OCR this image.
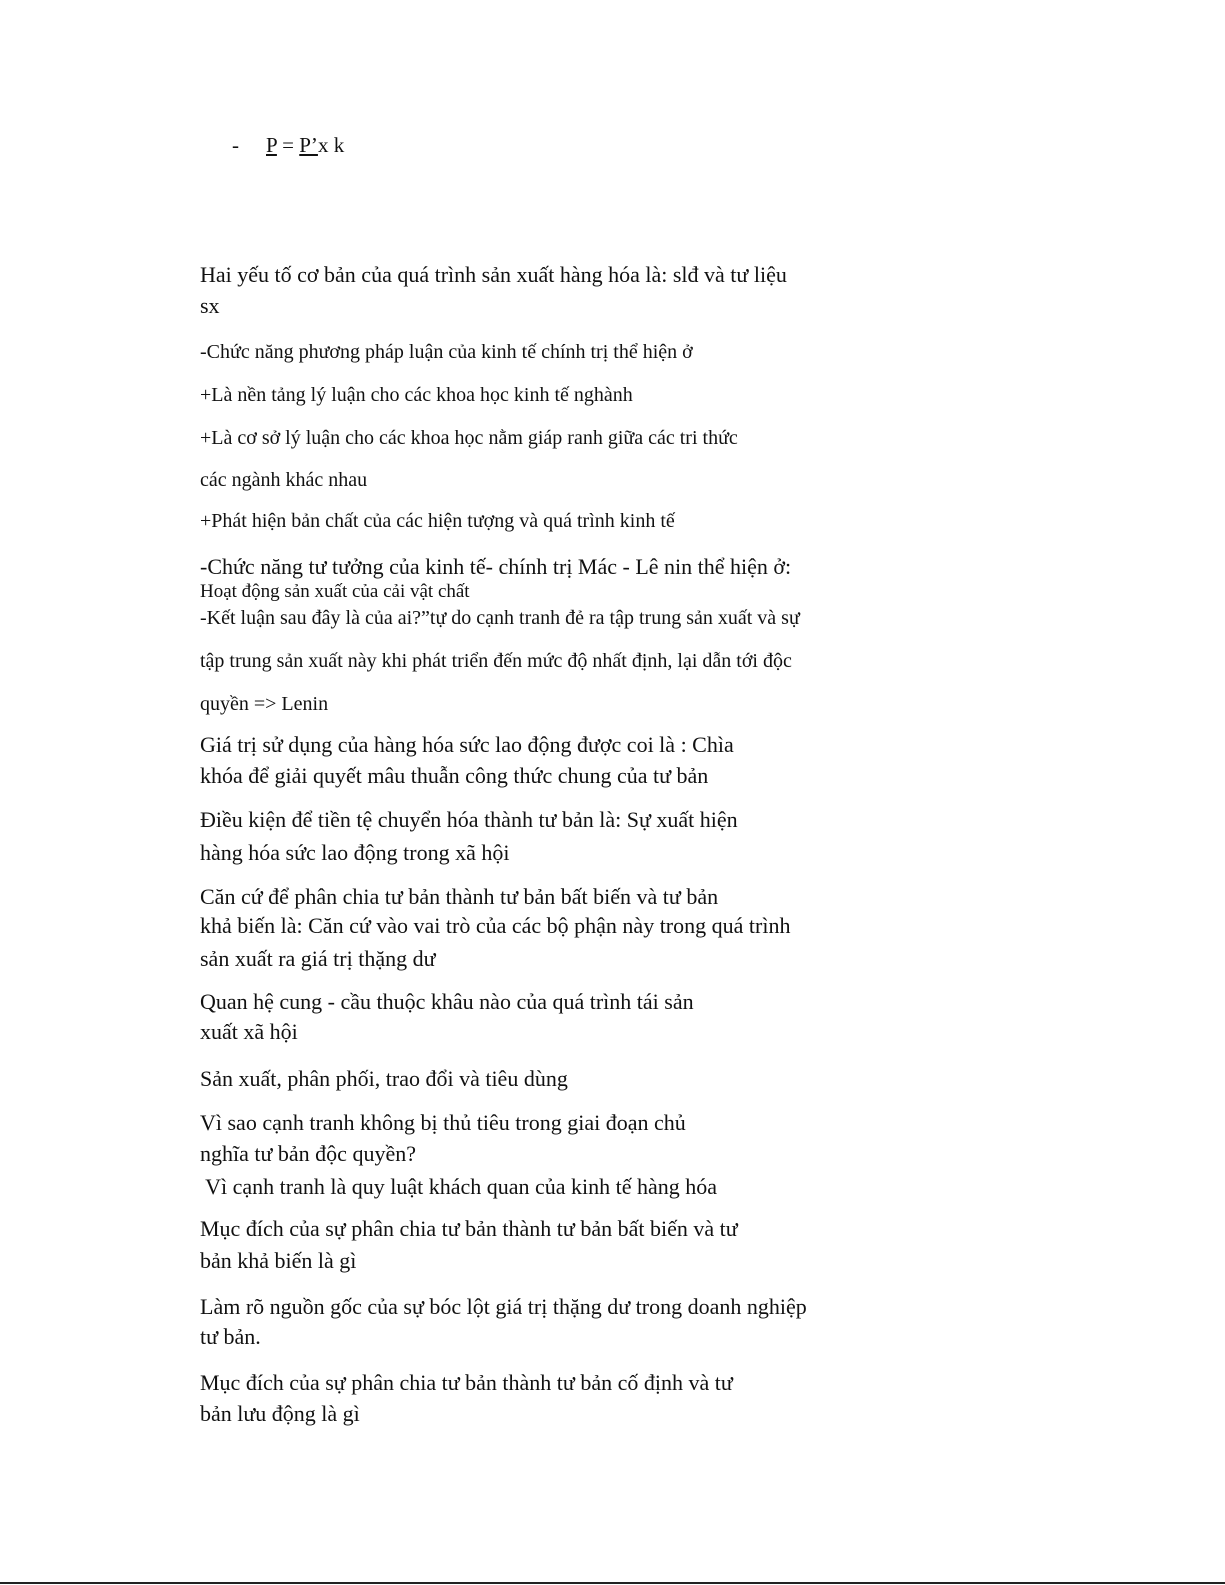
- P = P’x k
Hai yếu tố cơ bản của quá trình sản xuất hàng hóa là: slđ và tư liệu
sx
-Chức năng phương pháp luận của kinh tế chính trị thể hiện ở
+Là nền tảng lý luận cho các khoa học kinh tế nghành
+Là cơ sở lý luận cho các khoa học nằm giáp ranh giữa các tri thức
các ngành khác nhau
+Phát hiện bản chất của các hiện tượng và quá trình kinh tế
-Chức năng tư tưởng của kinh tế- chính trị Mác - Lê nin thể hiện ở:
Hoạt động sản xuất của cải vật chất
-Kết luận sau đây là của ai?”tự do cạnh tranh đẻ ra tập trung sản xuất và sự
tập trung sản xuất này khi phát triển đến mức độ nhất định, lại dẫn tới độc
quyền => Lenin
Giá trị sử dụng của hàng hóa sức lao động được coi là : Chìa
khóa để giải quyết mâu thuẫn công thức chung của tư bản
Điều kiện để tiền tệ chuyển hóa thành tư bản là: Sự xuất hiện
hàng hóa sức lao động trong xã hội
Căn cứ để phân chia tư bản thành tư bản bất biến và tư bản
khả biến là: Căn cứ vào vai trò của các bộ phận này trong quá trình
sản xuất ra giá trị thặng dư
Quan hệ cung - cầu thuộc khâu nào của quá trình tái sản
xuất xã hội
Sản xuất, phân phối, trao đổi và tiêu dùng
Vì sao cạnh tranh không bị thủ tiêu trong giai đoạn chủ
nghĩa tư bản độc quyền?
Vì cạnh tranh là quy luật khách quan của kinh tế hàng hóa
Mục đích của sự phân chia tư bản thành tư bản bất biến và tư
bản khả biến là gì
Làm rõ nguồn gốc của sự bóc lột giá trị thặng dư trong doanh nghiệp
tư bản.
Mục đích của sự phân chia tư bản thành tư bản cố định và tư
bản lưu động là gì
